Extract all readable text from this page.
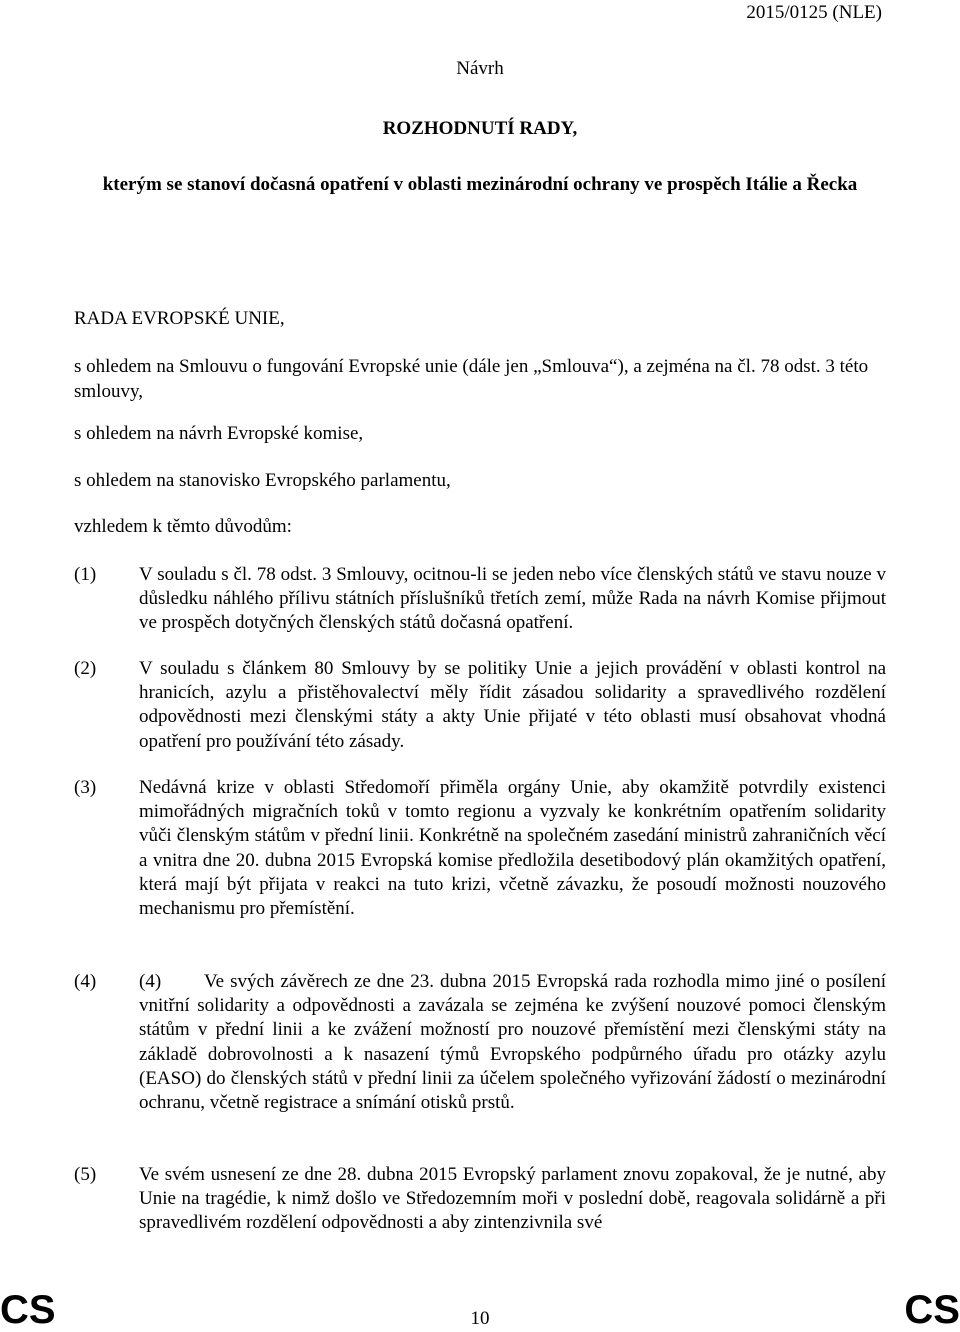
2015/0125 (NLE)
Návrh
ROZHODNUTÍ RADY,
kterým se stanoví dočasná opatření v oblasti mezinárodní ochrany ve prospěch Itálie a Řecka
RADA EVROPSKÉ UNIE,

s ohledem na Smlouvu o fungování Evropské unie (dále jen „Smlouva“), a zejména na čl. 78 odst. 3 této smlouvy,

s ohledem na návrh Evropské komise,
s ohledem na stanovisko Evropského parlamentu,
vzhledem k těmto důvodům:
(1) V souladu s čl. 78 odst. 3 Smlouvy, ocitnou-li se jeden nebo více členských států ve stavu nouze v důsledku náhlého přílivu státních příslušníků třetích zemí, může Rada na návrh Komise přijmout ve prospěch dotyčných členských států dočasná opatření.
(2) V souladu s článkem 80 Smlouvy by se politiky Unie a jejich provádění v oblasti kontrol na hranicích, azylu a přistěhovalectví měly řídit zásadou solidarity a spravedlivého rozdělení odpovědnosti mezi členskými státy a akty Unie přijaté v této oblasti musí obsahovat vhodná opatření pro používání této zásady.
(3) Nedávná krize v oblasti Středomoří přiměla orgány Unie, aby okamžitě potvrdily existenci mimořádných migračních toků v tomto regionu a vyzvaly ke konkrétním opatřením solidarity vůči členským státům v přední linii. Konkrétně na společném zasedání ministrů zahraničních věcí a vnitra dne 20. dubna 2015 Evropská komise předložila desetibodový plán okamžitých opatření, která mají být přijata v reakci na tuto krizi, včetně závazku, že posoudí možnosti nouzového mechanismu pro přemístění.
(4) (4) Ve svých závěrech ze dne 23. dubna 2015 Evropská rada rozhodla mimo jiné o posílení vnitřní solidarity a odpovědnosti a zavázala se zejména ke zvýšení nouzové pomoci členským státům v přední linii a ke zvážení možností pro nouzové přemístění mezi členskými státy na základě dobrovolnosti a k nasazení týmů Evropského podpůrného úřadu pro otázky azylu (EASO) do členských států v přední linii za účelem společného vyřizování žádostí o mezinárodní ochranu, včetně registrace a snímání otisků prstů.
(5) Ve svém usnesení ze dne 28. dubna 2015 Evropský parlament znovu zopakoval, že je nutné, aby Unie na tragédie, k nimž došlo ve Středozemním moři v poslední době, reagovala solidárně a při spravedlivém rozdělení odpovědnosti a aby zintenzivnila své
CS	10	CS
